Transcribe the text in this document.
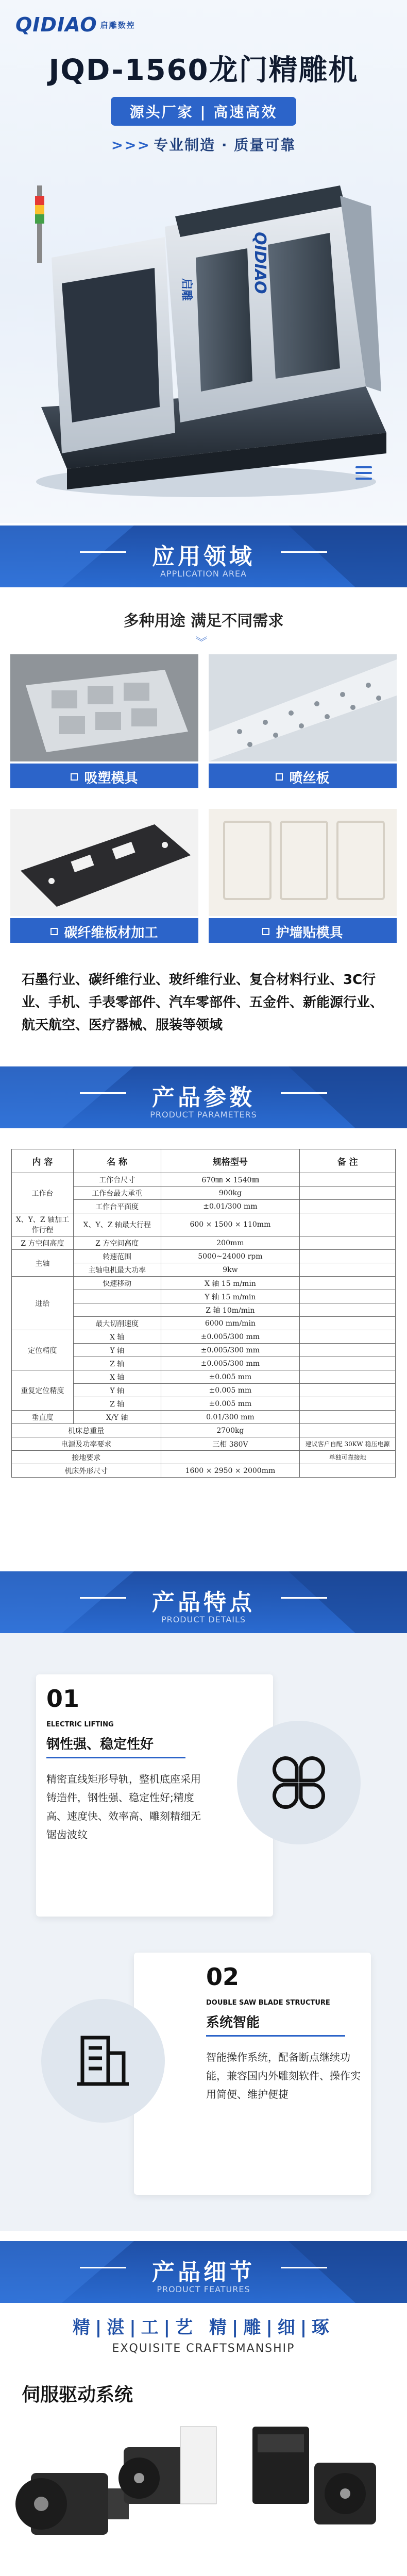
QIDIAO 启雕数控
JQD-1560龙门精雕机
源头厂家 | 高速高效
>>> 专业制造 · 质量可靠
启雕	QIDIAO
应用领域
APPLICATION AREA
多种用途 满足不同需求
︾
吸塑模具	喷丝板
碳纤维板材加工	护墙贴模具
石墨行业、碳纤维行业、玻纤维行业、复合材料行业、3C行业、手机、手表零部件、汽车零部件、五金件、新能源行业、航天航空、医疗器械、服装等领域
产品参数
PRODUCT PARAMETERS
内 容	名 称	规格型号	备 注
工作台	工作台尺寸	670㎜ × 1540㎜	
	工作台最大承重	900kg	
	工作台平面度	±0.01/300 mm	
X、Y、Z 轴加工作行程	X、Y、Z 轴最大行程	600 × 1500 × 110mm	
Z 方空间高度	Z 方空间高度	200mm	
主轴	转速范围	5000~24000 rpm	
	主轴电机最大功率	9kw	
进给	快速移动	X 轴 15 m/min	
		Y 轴 15 m/min	
		Z 轴 10m/min	
	最大切削速度	6000 mm/min	
定位精度	X 轴	±0.005/300 mm	
	Y 轴	±0.005/300 mm	
	Z 轴	±0.005/300 mm	
重复定位精度	X 轴	±0.005 mm	
	Y 轴	±0.005 mm	
	Z 轴	±0.005 mm	
垂直度	X/Y 轴	0.01/300 mm	
机床总重量		2700kg	
电源及功率要求		三相 380V	建议客户自配 30KW 稳压电源
接地要求			单独可靠接地
机床外形尺寸		1600 × 2950 × 2000mm	
产品特点
PRODUCT DETAILS
01
ELECTRIC LIFTING
钢性强、稳定性好
精密直线矩形导轨，整机底座采用铸造件，钢性强、稳定性好;精度高、速度快、效率高、雕刻精细无锯齿波纹
02
DOUBLE SAW BLADE STRUCTURE
系统智能
智能操作系统，配备断点继续功能，兼容国内外雕刻软件、操作实用简便、维护便捷
产品细节
PRODUCT FEATURES
精|湛|工|艺 精|雕|细|琢
EXQUISITE CRAFTSMANSHIP
伺服驱动系统
